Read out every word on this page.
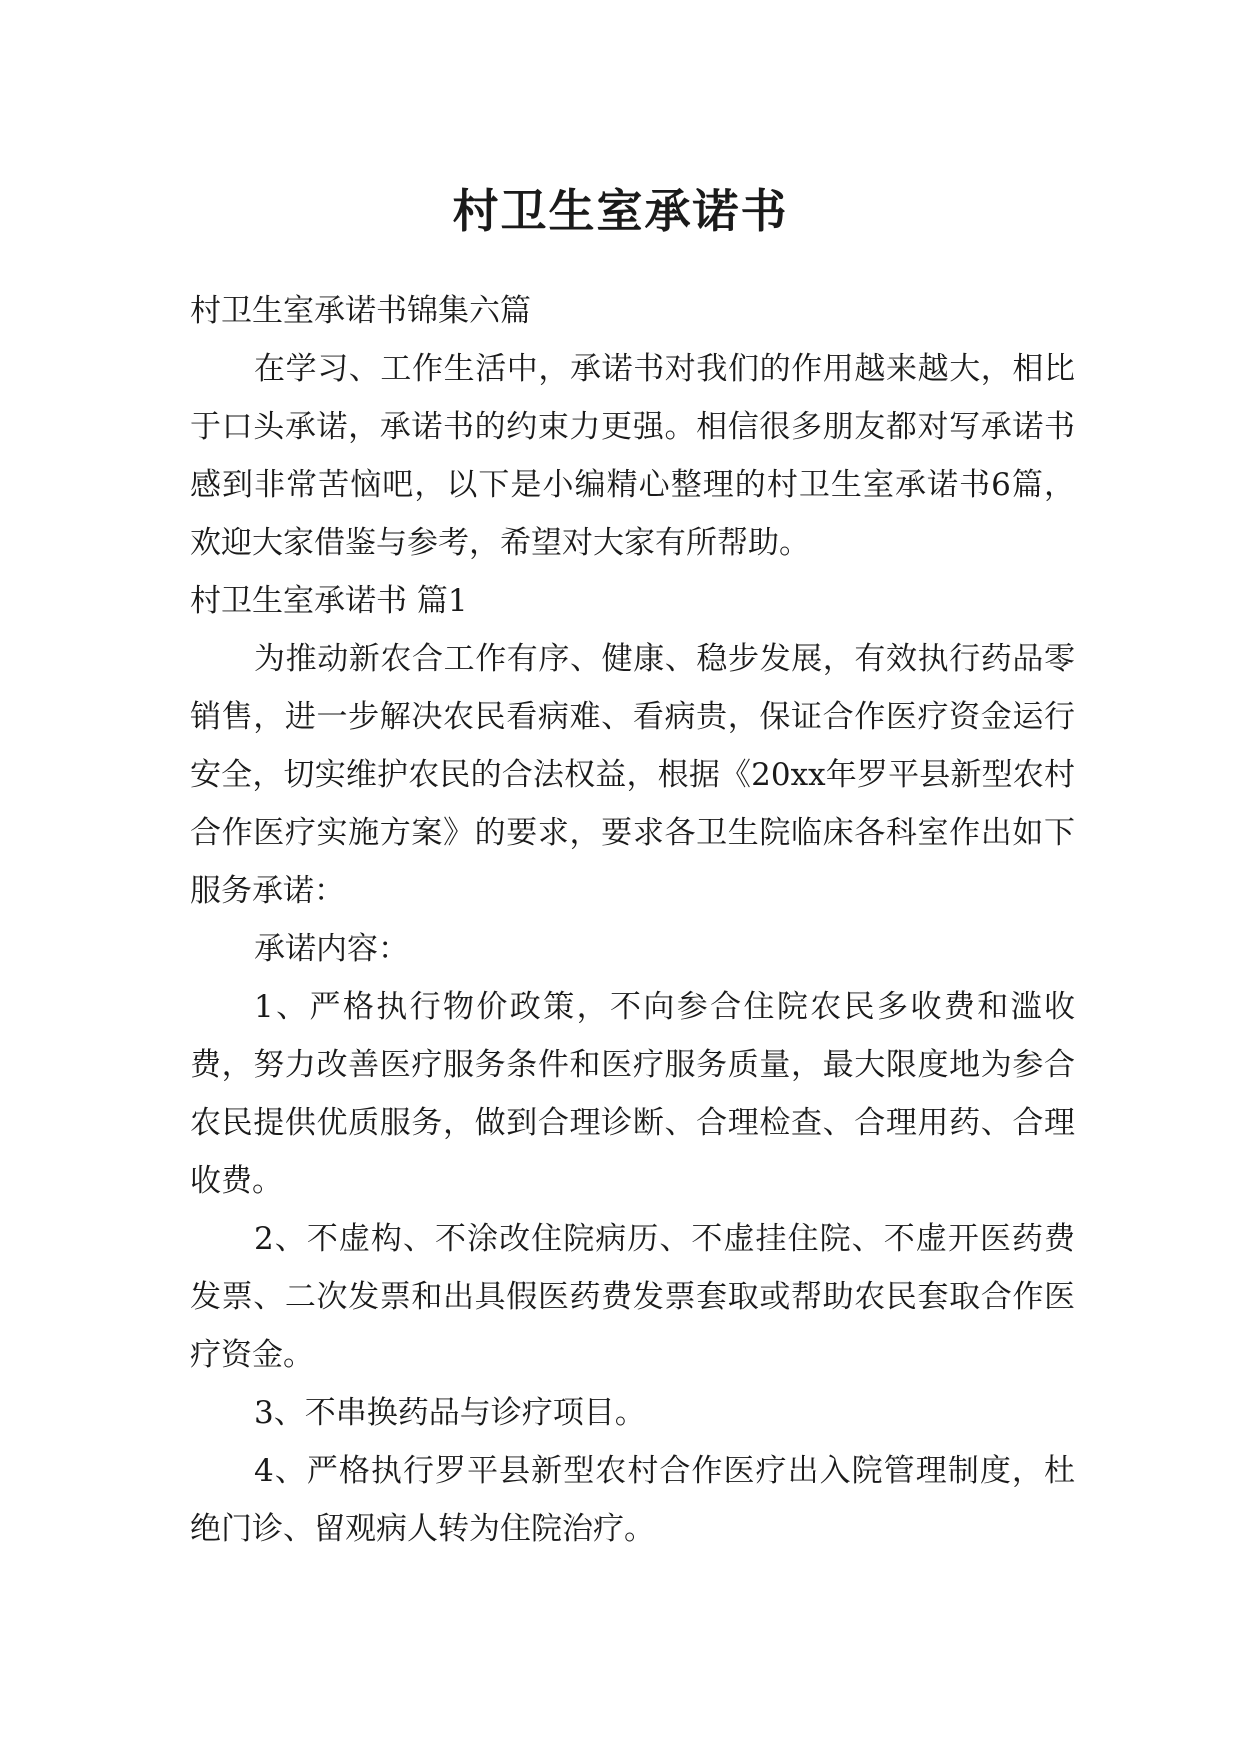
村卫生室承诺书

村卫生室承诺书锦集六篇

在学习、工作生活中，承诺书对我们的作用越来越大，相比于口头承诺，承诺书的约束力更强。相信很多朋友都对写承诺书感到非常苦恼吧，以下是小编精心整理的村卫生室承诺书6篇，欢迎大家借鉴与参考，希望对大家有所帮助。

村卫生室承诺书 篇1

为推动新农合工作有序、健康、稳步发展，有效执行药品零销售，进一步解决农民看病难、看病贵，保证合作医疗资金运行安全，切实维护农民的合法权益，根据《20xx年罗平县新型农村合作医疗实施方案》的要求，要求各卫生院临床各科室作出如下服务承诺：

承诺内容：

1、严格执行物价政策，不向参合住院农民多收费和滥收费，努力改善医疗服务条件和医疗服务质量，最大限度地为参合农民提供优质服务，做到合理诊断、合理检查、合理用药、合理收费。

2、不虚构、不涂改住院病历、不虚挂住院、不虚开医药费发票、二次发票和出具假医药费发票套取或帮助农民套取合作医疗资金。

3、不串换药品与诊疗项目。

4、严格执行罗平县新型农村合作医疗出入院管理制度，杜绝门诊、留观病人转为住院治疗。
